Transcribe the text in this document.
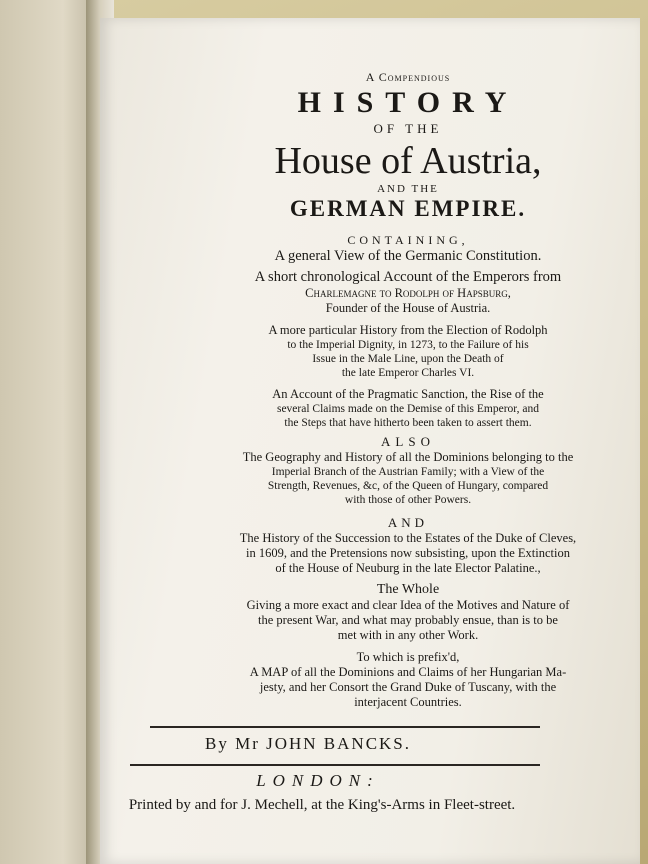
A Compendious
HISTORY
OF THE
House of Austria,
AND THE
GERMAN EMPIRE.
CONTAINING,
A general View of the Germanic Constitution.
A short chronological Account of the Emperors from
Charlemagne to Rodolph of Hapsburg,
Founder of the House of Austria.
A more particular History from the Election of Rodolph
to the Imperial Dignity, in 1273, to the Failure of his
Issue in the Male Line, upon the Death of
the late Emperor Charles VI.
An Account of the Pragmatic Sanction, the Rise of the
several Claims made on the Demise of this Emperor, and
the Steps that have hitherto been taken to assert them.
ALSO
The Geography and History of all the Dominions belonging to the
Imperial Branch of the Austrian Family; with a View of the
Strength, Revenues, &c, of the Queen of Hungary, compared
with those of other Powers.
AND
The History of the Succession to the Estates of the Duke of Cleves,
in 1609, and the Pretensions now subsisting, upon the Extinction
of the House of Neuburg in the late Elector Palatine.,
The Whole
Giving a more exact and clear Idea of the Motives and Nature of
the present War, and what may probably ensue, than is to be
met with in any other Work.
To which is prefix'd,
A MAP of all the Dominions and Claims of her Hungarian Ma-
jesty, and her Consort the Grand Duke of Tuscany, with the
interjacent Countries.
By Mr JOHN BANCKS.
LONDON:
Printed by and for J. Mechell, at the King's-Arms in Fleet-street.
